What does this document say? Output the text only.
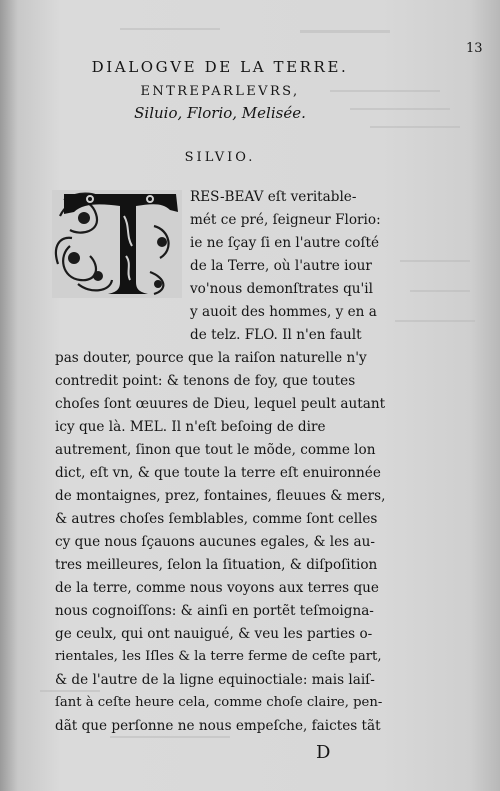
13
DIALOGVE DE LA TERRE.
ENTREPARLEVRS,
Siluio, Florio, Melisée.
SILVIO.
RES-BEAV eſt veritable-
mét ce pré, ſeigneur Florio:
ie ne ſçay ſi en l'autre coſté
de la Terre, où l'autre iour
vo'nous demonſtrates qu'il
y auoit des hommes, y en a
de telz. FLO. Il n'en fault
pas douter, pource que la raiſon naturelle n'y
contredit point: & tenons de foy, que toutes
choſes ſont œuures de Dieu, lequel peult autant
icy que là. MEL. Il n'eſt beſoing de dire
autrement, ſinon que tout le mõde, comme lon
dict, eſt vn, & que toute la terre eſt enuironnée
de montaignes, prez, fontaines, fleuues & mers,
& autres choſes ſemblables, comme ſont celles
cy que nous ſçauons aucunes egales, & les au-
tres meilleures, ſelon la ſituation, & diſpoſition
de la terre, comme nous voyons aux terres que
nous cognoiſſons: & ainſi en portẽt teſmoigna-
ge ceulx, qui ont nauigué, & veu les parties o-
rientales, les Iſles & la terre ferme de ceſte part,
& de l'autre de la ligne equinoctiale: mais laiſ-
ſant à ceſte heure cela, comme choſe claire, pen-
dãt que perſonne ne nous empeſche, faictes tãt
D
